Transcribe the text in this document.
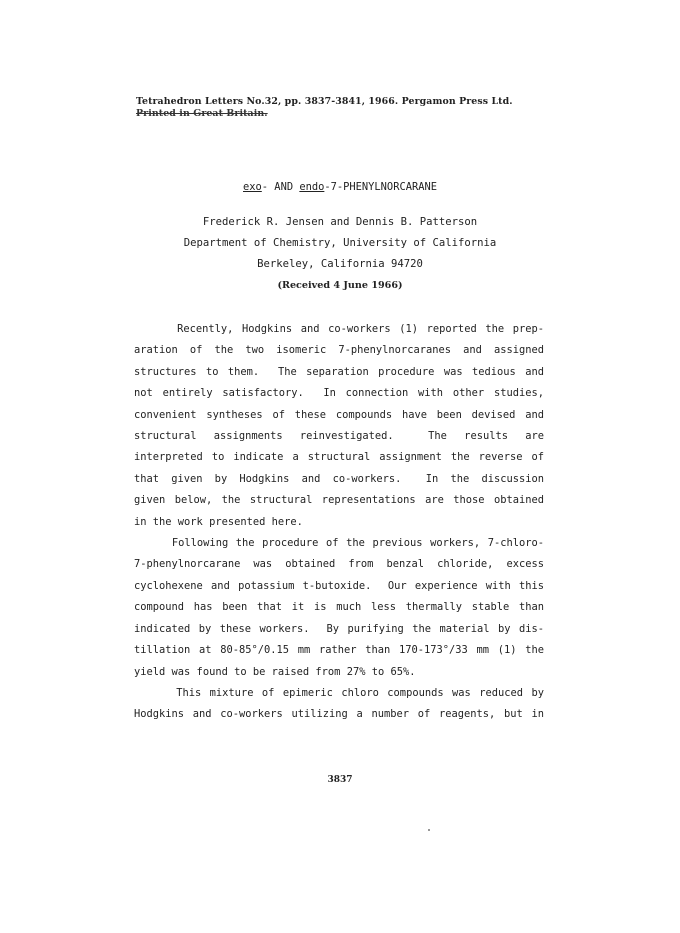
Tetrahedron Letters No.32, pp. 3837-3841, 1966. Pergamon Press Ltd.
Printed in Great Britain.
exo- AND endo-7-PHENYLNORCARANE
Frederick R. Jensen and Dennis B. Patterson
Department of Chemistry, University of California
Berkeley, California 94720
(Received 4 June 1966)
Recently, Hodgkins and co-workers (1) reported the prep-
aration of the two isomeric 7-phenylnorcaranes and assigned
structures to them.  The separation procedure was tedious and
not entirely satisfactory.  In connection with other studies,
convenient syntheses of these compounds have been devised and
structural assignments reinvestigated.  The results are
interpreted to indicate a structural assignment the reverse of
that given by Hodgkins and co-workers.  In the discussion
given below, the structural representations are those obtained
in the work presented here.
Following the procedure of the previous workers, 7-chloro-
7-phenylnorcarane was obtained from benzal chloride, excess
cyclohexene and potassium t-butoxide.  Our experience with this
compound has been that it is much less thermally stable than
indicated by these workers.  By purifying the material by dis-
tillation at 80-85°/0.15 mm rather than 170-173°/33 mm (1) the
yield was found to be raised from 27% to 65%.
This mixture of epimeric chloro compounds was reduced by
Hodgkins and co-workers utilizing a number of reagents, but in
3837
